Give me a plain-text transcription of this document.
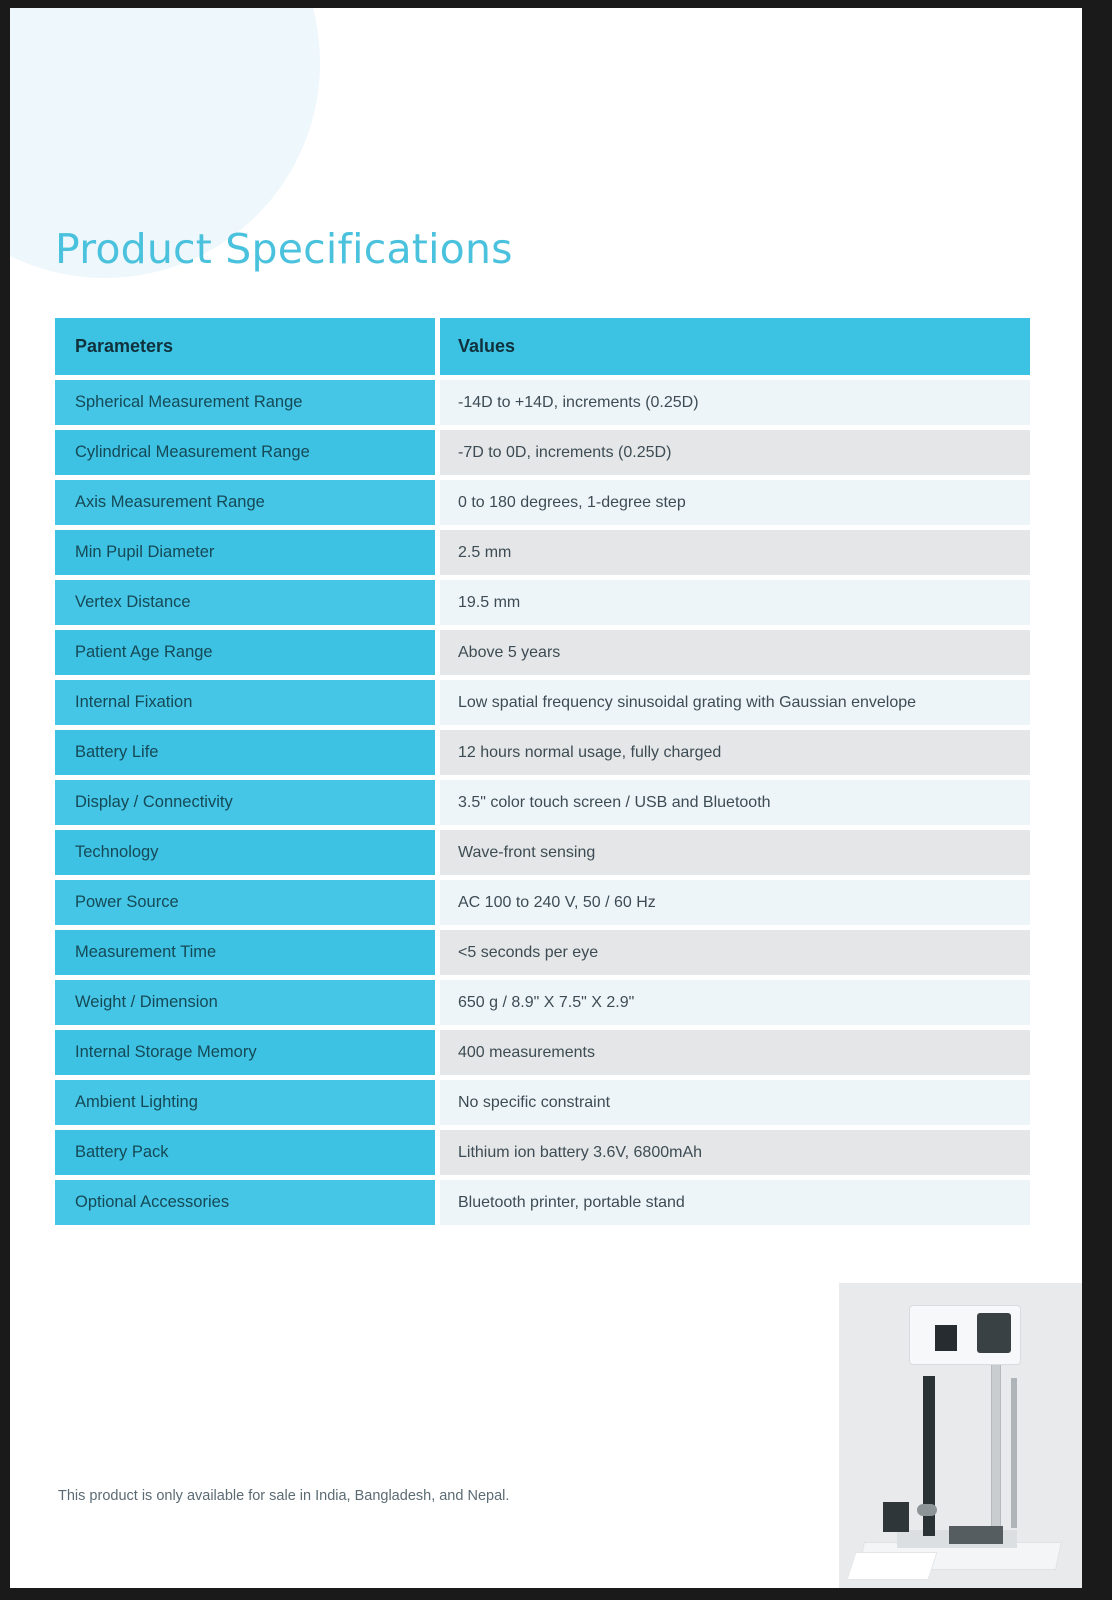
Product Specifications
Parameters	Values
Spherical Measurement Range	-14D to +14D, increments (0.25D)
Cylindrical Measurement Range	-7D to 0D, increments (0.25D)
Axis Measurement Range	0 to 180 degrees, 1-degree step
Min Pupil Diameter	2.5 mm
Vertex Distance	19.5 mm
Patient Age Range	Above 5 years
Internal Fixation	Low spatial frequency sinusoidal grating with Gaussian envelope
Battery Life	12 hours normal usage, fully charged
Display / Connectivity	3.5" color touch screen / USB and Bluetooth
Technology	Wave-front sensing
Power Source	AC 100 to 240 V, 50 / 60 Hz
Measurement Time	<5 seconds per eye
Weight / Dimension	650 g / 8.9" X 7.5" X 2.9"
Internal Storage Memory	400 measurements
Ambient Lighting	No specific constraint
Battery Pack	Lithium ion battery 3.6V, 6800mAh
Optional Accessories	Bluetooth printer, portable stand
This product is only available for sale in India, Bangladesh, and Nepal.
